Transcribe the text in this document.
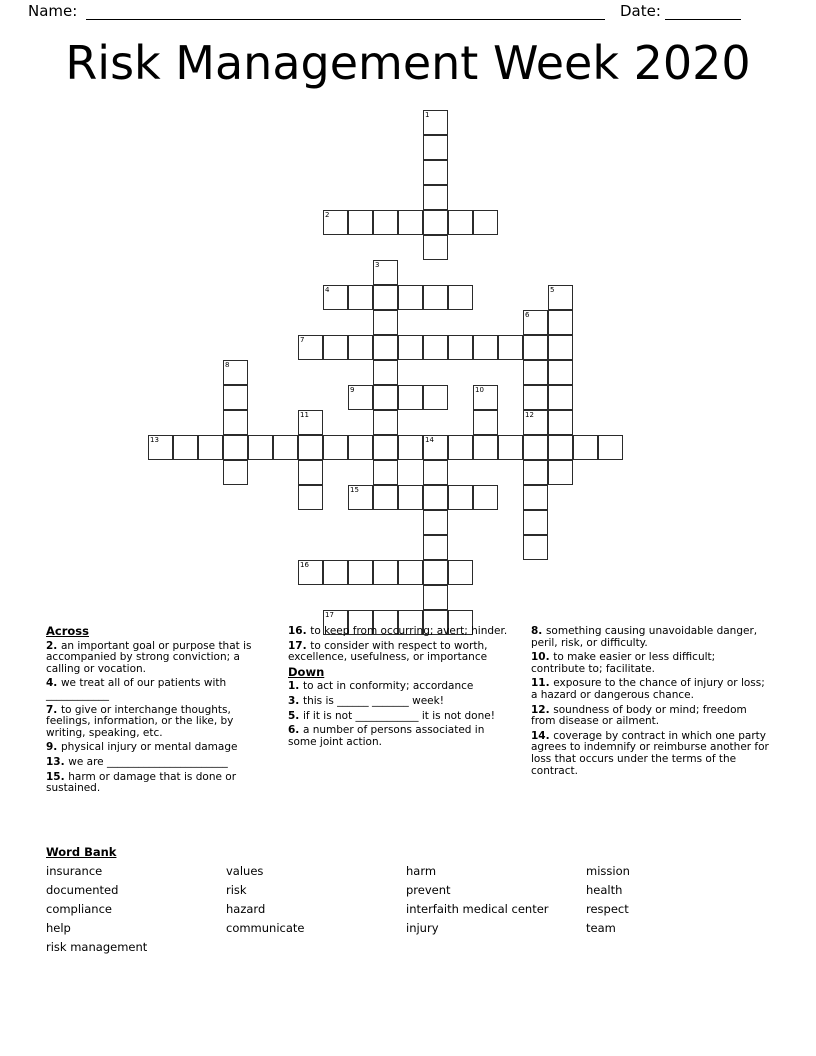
Name:	Date:
Risk Management Week 2020
1
2
3
4	5
6
7
8
9	10
11	12
13	14
15
16
17
Across
2. an important goal or purpose that is accompanied by strong conviction; a calling or vocation.
4. we treat all of our patients with ____________
7. to give or interchange thoughts, feelings, information, or the like, by writing, speaking, etc.
9. physical injury or mental damage
13. we are _______________________
15. harm or damage that is done or sustained.
16. to keep from occurring; avert; hinder.
17. to consider with respect to worth, excellence, usefulness, or importance
Down
1. to act in conformity; accordance
3. this is ______ _______ week!
5. if it is not ____________ it is not done!
6. a number of persons associated in some joint action.
8. something causing unavoidable danger, peril, risk, or difficulty.
10. to make easier or less difficult; contribute to; facilitate.
11. exposure to the chance of injury or loss; a hazard or dangerous chance.
12. soundness of body or mind; freedom from disease or ailment.
14. coverage by contract in which one party agrees to indemnify or reimburse another for loss that occurs under the terms of the contract.
Word Bank
insurance
documented
compliance
help
risk management
values
risk
hazard
communicate
harm
prevent
interfaith medical center
injury
mission
health
respect
team
